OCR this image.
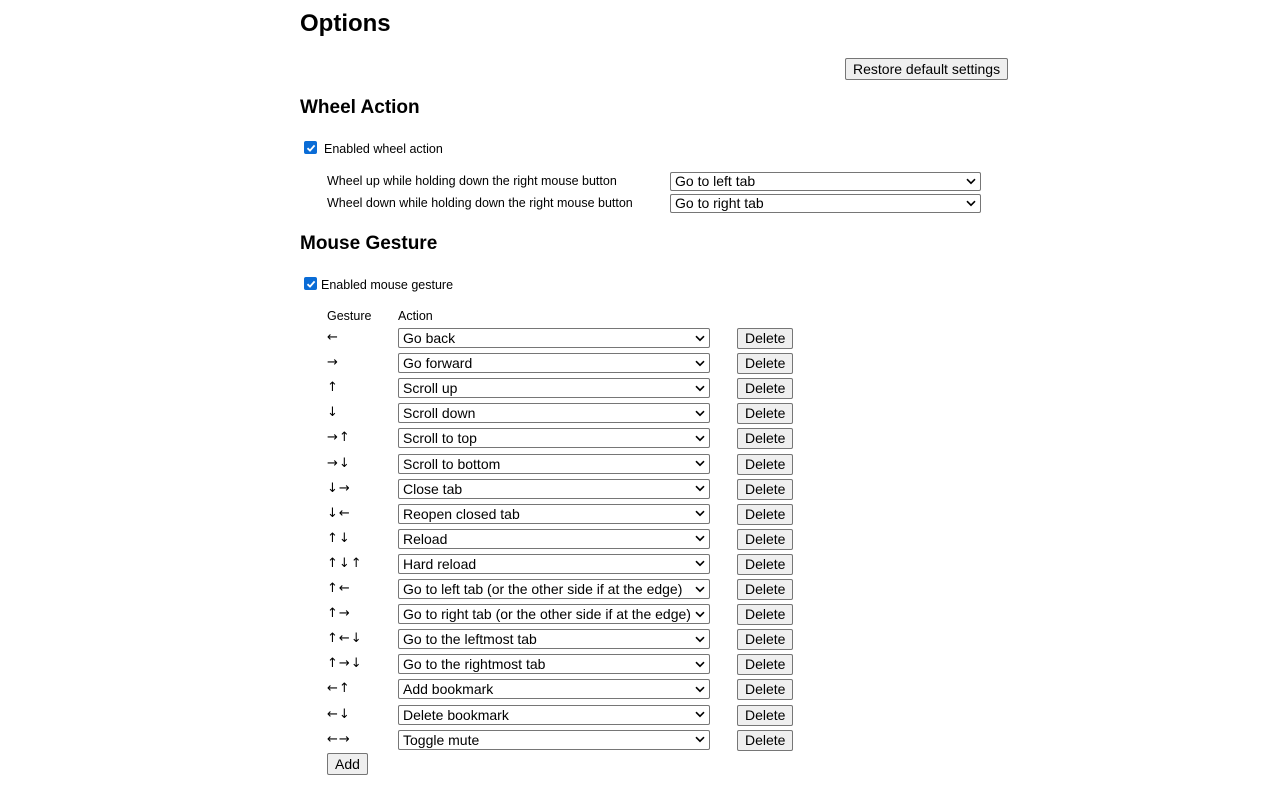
Options
Restore default settings
Wheel Action
Enabled wheel action
Wheel up while holding down the right mouse button	Go to left tab
Wheel down while holding down the right mouse button	Go to right tab
Mouse Gesture
Enabled mouse gesture
Gesture Action
←	Go back	Delete
→	Go forward	Delete
↑	Scroll up	Delete
↓	Scroll down	Delete
→↑	Scroll to top	Delete
→↓	Scroll to bottom	Delete
↓→	Close tab	Delete
↓←	Reopen closed tab	Delete
↑↓	Reload	Delete
↑↓↑	Hard reload	Delete
↑←	Go to left tab (or the other side if at the edge)	Delete
↑→	Go to right tab (or the other side if at the edge)	Delete
↑←↓	Go to the leftmost tab	Delete
↑→↓	Go to the rightmost tab	Delete
←↑	Add bookmark	Delete
←↓	Delete bookmark	Delete
←→	Toggle mute	Delete
Add
